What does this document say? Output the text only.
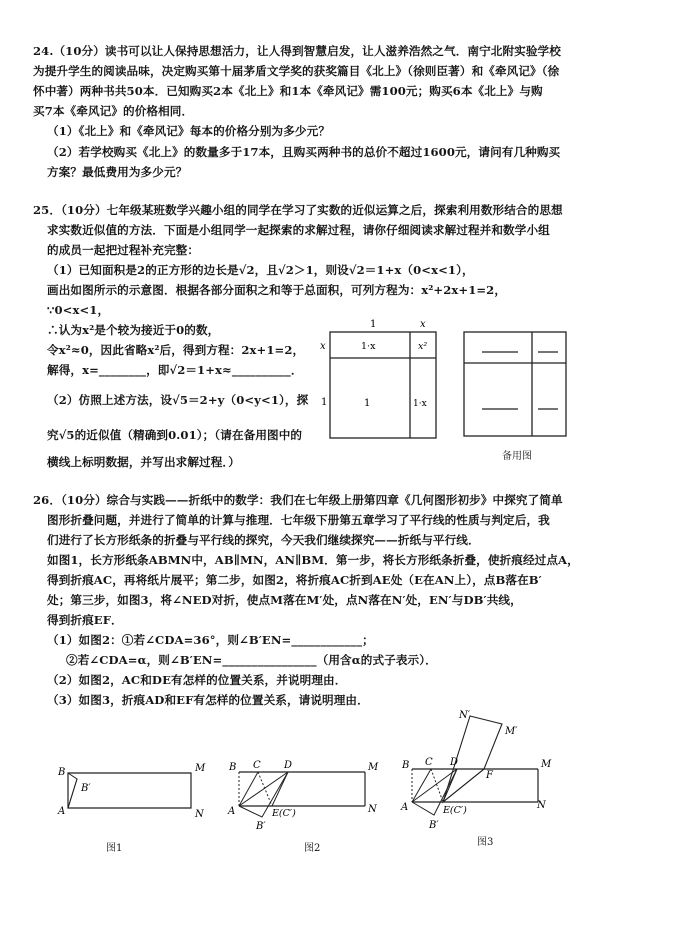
24.（10分）读书可以让人保持思想活力，让人得到智慧启发，让人滋养浩然之气．南宁北附实验学校
为提升学生的阅读品味，决定购买第十届茅盾文学奖的获奖篇目《北上》（徐则臣著）和《牵风记》（徐
怀中著）两种书共50本．已知购买2本《北上》和1本《牵风记》需100元；购买6本《北上》与购
买7本《牵风记》的价格相同．
（1）《北上》和《牵风记》每本的价格分别为多少元？
（2）若学校购买《北上》的数量多于17本，且购买两种书的总价不超过1600元，请问有几种购买
方案？最低费用为多少元？
25．（10分）七年级某班数学兴趣小组的同学在学习了实数的近似运算之后，探索利用数形结合的思想
求实数近似值的方法．下面是小组同学一起探索的求解过程，请你仔细阅读求解过程并和数学小组
的成员一起把过程补充完整：
（1）已知面积是2的正方形的边长是√2，且√2＞1，则设√2＝1+x（0<x<1），
画出如图所示的示意图．根据各部分面积之和等于总面积，可列方程为：x²+2x+1=2，
∵0<x<1，
∴认为x²是个较为接近于0的数，
令x²≈0，因此省略x²后，得到方程：2x+1=2，
解得，x=________，即√2＝1+x≈__________．
（2）仿照上述方法，设√5＝2+y（0<y<1），探
究√5的近似值（精确到0.01）；（请在备用图中的
横线上标明数据，并写出求解过程．）
1	x
x
1
1·x	x²
1	1·x
备用图
26．（10分）综合与实践——折纸中的数学：我们在七年级上册第四章《几何图形初步》中探究了简单
图形折叠问题，并进行了简单的计算与推理．七年级下册第五章学习了平行线的性质与判定后，我
们进行了长方形纸条的折叠与平行线的探究，今天我们继续探究——折纸与平行线．
如图1，长方形纸条ABMN中，AB∥MN，AN∥BM．第一步，将长方形纸条折叠，使折痕经过点A，
得到折痕AC，再将纸片展平；第二步，如图2，将折痕AC折到AE处（E在AN上），点B落在B′
处；第三步，如图3，将∠NED对折，使点M落在M′处，点N落在N′处，EN′与DB′共线，
得到折痕EF．
（1）如图2：①若∠CDA=36°，则∠B′EN=____________；
②若∠CDA=α，则∠B′EN=________________（用含α的式子表示）．
（2）如图2，AC和DE有怎样的位置关系，并说明理由．
（3）如图3，折痕AD和EF有怎样的位置关系，请说明理由．
B
B′
A
M
N
图1
B C D	M
A	E(C′)	N
B′
图2
N′
M′
B C D
F
M
A	E(C′)	N
B′
图3
